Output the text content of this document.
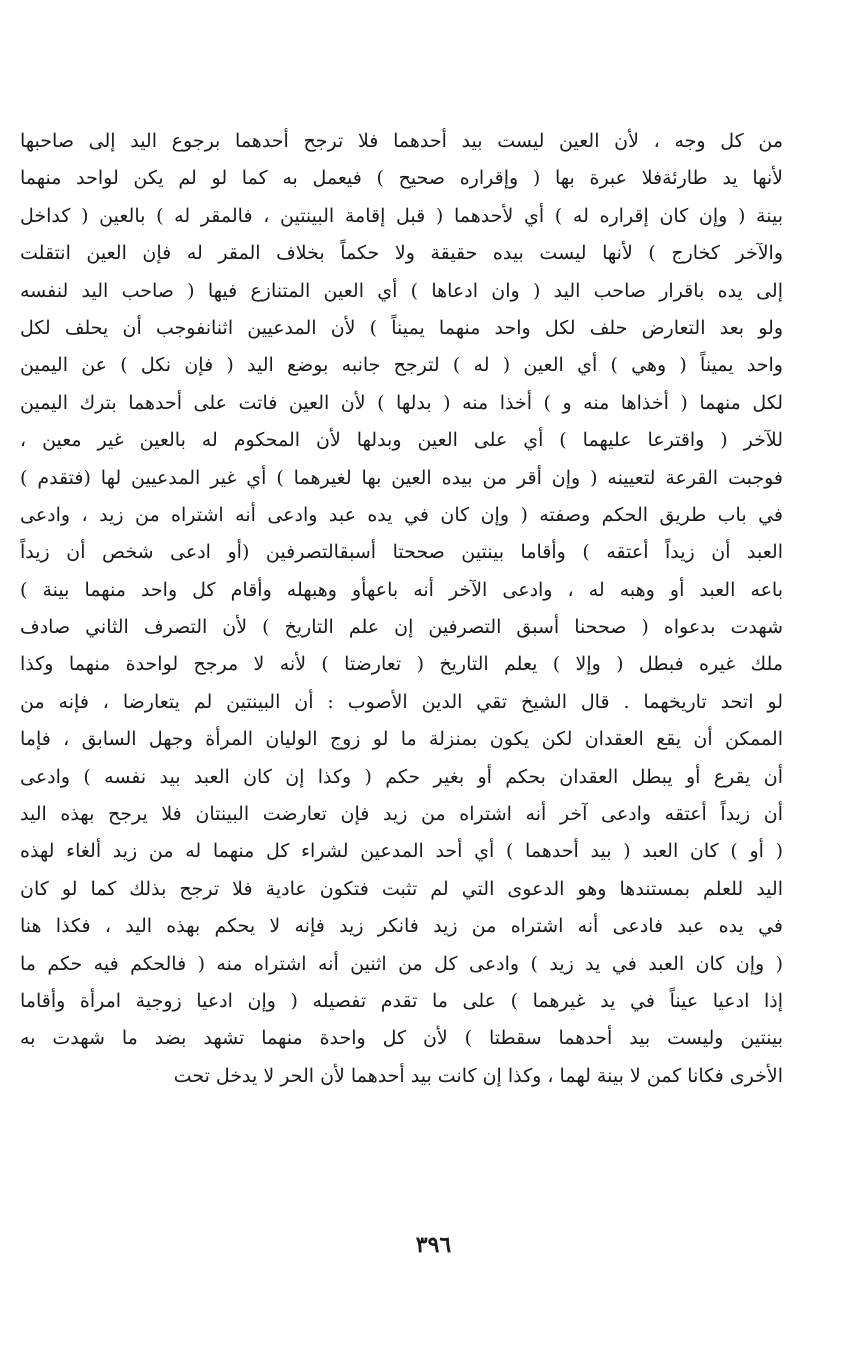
من كل وجه ، لأن العين ليست بيد أحدهما فلا ترجح أحدهما برجوع اليد إلى صاحبها
لأنها يد طارئةفلا عبرة بها ( وإقراره صحيح ) فيعمل به كما لو لم يكن لواحد منهما
بينة ( وإن كان إقراره له ) أي لأحدهما ( قبل إقامة البينتين ، فالمقر له ) بالعين ( كداخل
والآخر كخارج ) لأنها ليست بيده حقيقة ولا حكماً بخلاف المقر له فإن العين انتقلت
إلى يده باقرار صاحب اليد ( وان ادعاها ) أي العين المتنازع فيها ( صاحب اليد لنفسه
ولو بعد التعارض حلف لكل واحد منهما يميناً ) لأن المدعيين اثنانفوجب أن يحلف لكل
واحد يميناً ( وهي ) أي العين ( له ) لترجح جانبه بوضع اليد ( فإن نكل ) عن اليمين
لكل منهما ( أخذاها منه و ) أخذا منه ( بدلها ) لأن العين فاتت على أحدهما بترك اليمين
للآخر ( واقترعا عليهما ) أي على العين وبدلها لأن المحكوم له بالعين غير معين ،
فوجبت القرعة لتعيينه ( وإن أقر من بيده العين بها لغيرهما ) أي غير المدعيين لها (فتقدم )
في باب طريق الحكم وصفته ( وإن كان في يده عبد وادعى أنه اشتراه من زيد ، وادعى
العبد أن زيداً أعتقه ) وأقاما بينتين صححتا أسبقالتصرفين (أو ادعى شخص أن زيداً
باعه العبد أو وهبه له ، وادعى الآخر أنه باعهأو وهبهله وأقام كل واحد منهما بينة )
شهدت بدعواه ( صححنا أسبق التصرفين إن علم التاريخ ) لأن التصرف الثاني صادف
ملك غيره فبطل ( وإلا ) يعلم التاريخ ( تعارضتا ) لأنه لا مرجح لواحدة منهما وكذا
لو اتحد تاريخهما . قال الشيخ تقي الدين الأصوب : أن البينتين لم يتعارضا ، فإنه من
الممكن أن يقع العقدان لكن يكون بمنزلة ما لو زوج الوليان المرأة وجهل السابق ، فإما
أن يقرع أو يبطل العقدان بحكم أو بغير حكم ( وكذا إن كان العبد بيد نفسه ) وادعى
أن زيداً أعتقه وادعى آخر أنه اشتراه من زيد فإن تعارضت البينتان فلا يرجح بهذه اليد
( أو ) كان العبد ( بيد أحدهما ) أي أحد المدعين لشراء كل منهما له من زيد ألغاء لهذه
اليد للعلم بمستندها وهو الدعوى التي لم تثبت فتكون عادية فلا ترجح بذلك كما لو كان
في يده عبد فادعى أنه اشتراه من زيد فانكر زيد فإنه لا يحكم بهذه اليد ، فكذا هنا
( وإن كان العبد في يد زيد ) وادعى كل من اثنين أنه اشتراه منه ( فالحكم فيه حكم ما
إذا ادعيا عيناً في يد غيرهما ) على ما تقدم تفصيله ( وإن ادعيا زوجية امرأة وأقاما
بينتين وليست بيد أحدهما سقطتا ) لأن كل واحدة منهما تشهد بضد ما شهدت به
الأخرى فكانا كمن لا بينة لهما ، وكذا إن كانت بيد أحدهما لأن الحر لا يدخل تحت
٣٩٦
